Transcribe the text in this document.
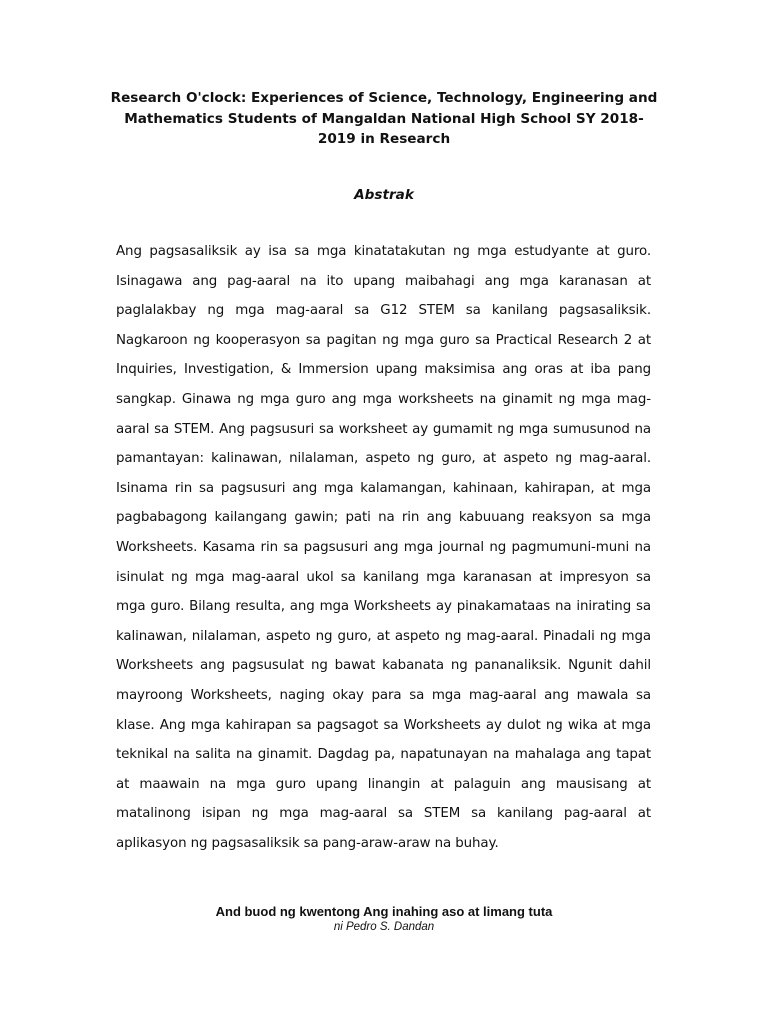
Research O'clock: Experiences of Science, Technology, Engineering and Mathematics Students of Mangaldan National High School SY 2018-2019 in Research
Abstrak

Ang pagsasaliksik ay isa sa mga kinatatakutan ng mga estudyante at guro. Isinagawa ang pag-aaral na ito upang maibahagi ang mga karanasan at paglalakbay ng mga mag-aaral sa G12 STEM sa kanilang pagsasaliksik. Nagkaroon ng kooperasyon sa pagitan ng mga guro sa Practical Research 2 at Inquiries, Investigation, & Immersion upang maksimisa ang oras at iba pang sangkap. Ginawa ng mga guro ang mga worksheets na ginamit ng mga mag-aaral sa STEM. Ang pagsusuri sa worksheet ay gumamit ng mga sumusunod na pamantayan: kalinawan, nilalaman, aspeto ng guro, at aspeto ng mag-aaral. Isinama rin sa pagsusuri ang mga kalamangan, kahinaan, kahirapan, at mga pagbabagong kailangang gawin; pati na rin ang kabuuang reaksyon sa mga Worksheets. Kasama rin sa pagsusuri ang mga journal ng pagmumuni-muni na isinulat ng mga mag-aaral ukol sa kanilang mga karanasan at impresyon sa mga guro. Bilang resulta, ang mga Worksheets ay pinakamataas na inirating sa kalinawan, nilalaman, aspeto ng guro, at aspeto ng mag-aaral. Pinadali ng mga Worksheets ang pagsusulat ng bawat kabanata ng pananaliksik. Ngunit dahil mayroong Worksheets, naging okay para sa mga mag-aaral ang mawala sa klase. Ang mga kahirapan sa pagsagot sa Worksheets ay dulot ng wika at mga teknikal na salita na ginamit. Dagdag pa, napatunayan na mahalaga ang tapat at maawain na mga guro upang linangin at palaguin ang mausisang at matalinong isipan ng mga mag-aaral sa STEM sa kanilang pag-aaral at aplikasyon ng pagsasaliksik sa pang-araw-araw na buhay.

And buod ng kwentong Ang inahing aso at limang tuta

ni Pedro S. Dandan
